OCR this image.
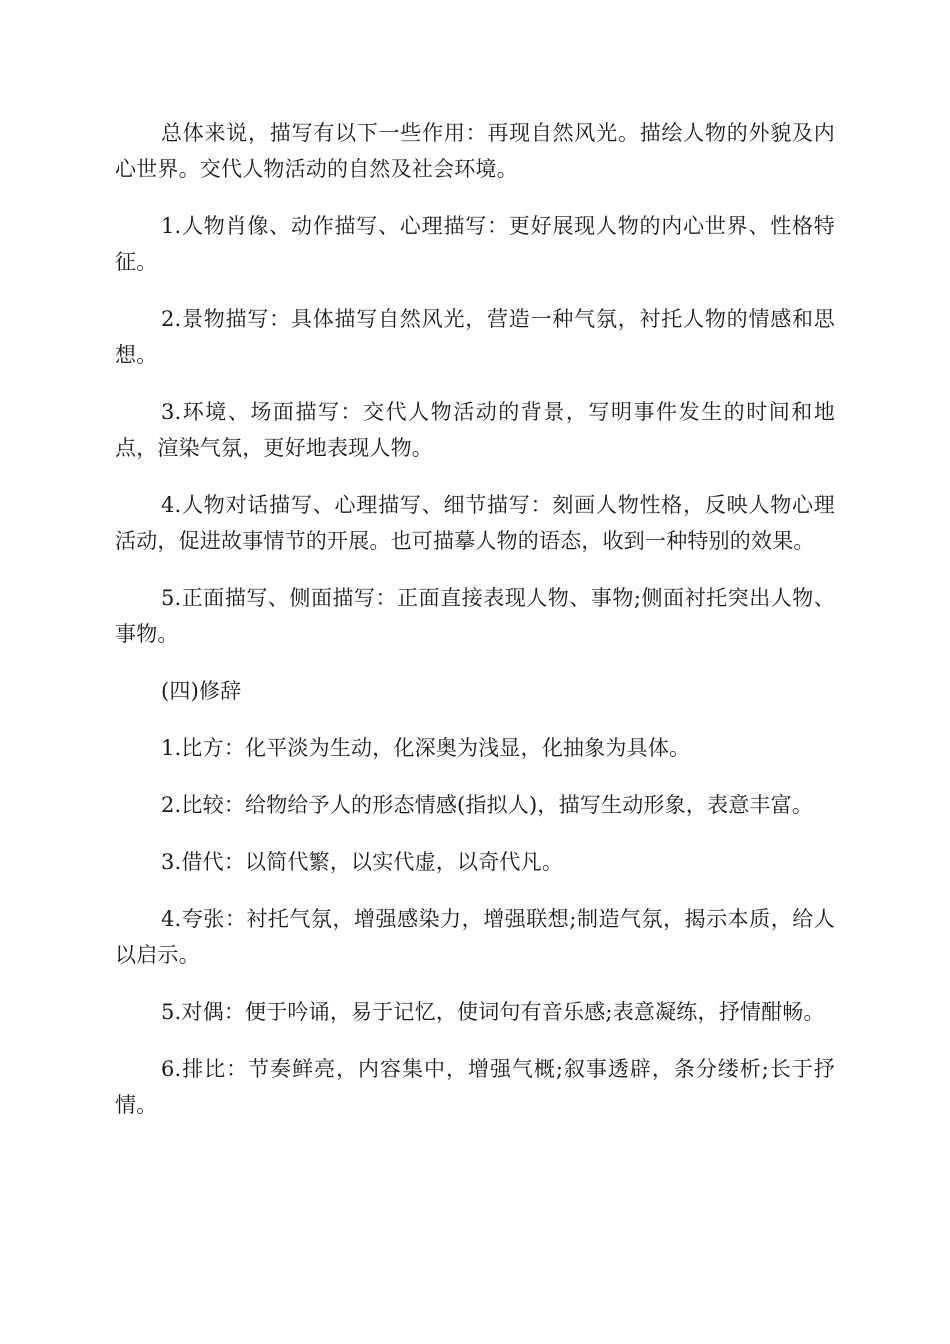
总体来说，描写有以下一些作用：再现自然风光。描绘人物的外貌及内心世界。交代人物活动的自然及社会环境。

1.人物肖像、动作描写、心理描写：更好展现人物的内心世界、性格特征。

2.景物描写：具体描写自然风光，营造一种气氛，衬托人物的情感和思想。

3.环境、场面描写：交代人物活动的背景，写明事件发生的时间和地点，渲染气氛，更好地表现人物。

4.人物对话描写、心理描写、细节描写：刻画人物性格，反映人物心理活动，促进故事情节的开展。也可描摹人物的语态，收到一种特别的效果。

5.正面描写、侧面描写：正面直接表现人物、事物;侧面衬托突出人物、事物。

(四)修辞

1.比方：化平淡为生动，化深奥为浅显，化抽象为具体。

2.比较：给物给予人的形态情感(指拟人)，描写生动形象，表意丰富。

3.借代：以简代繁，以实代虚，以奇代凡。

4.夸张：衬托气氛，增强感染力，增强联想;制造气氛，揭示本质，给人以启示。

5.对偶：便于吟诵，易于记忆，使词句有音乐感;表意凝练，抒情酣畅。

6.排比：节奏鲜亮，内容集中，增强气概;叙事透辟，条分缕析;长于抒情。
